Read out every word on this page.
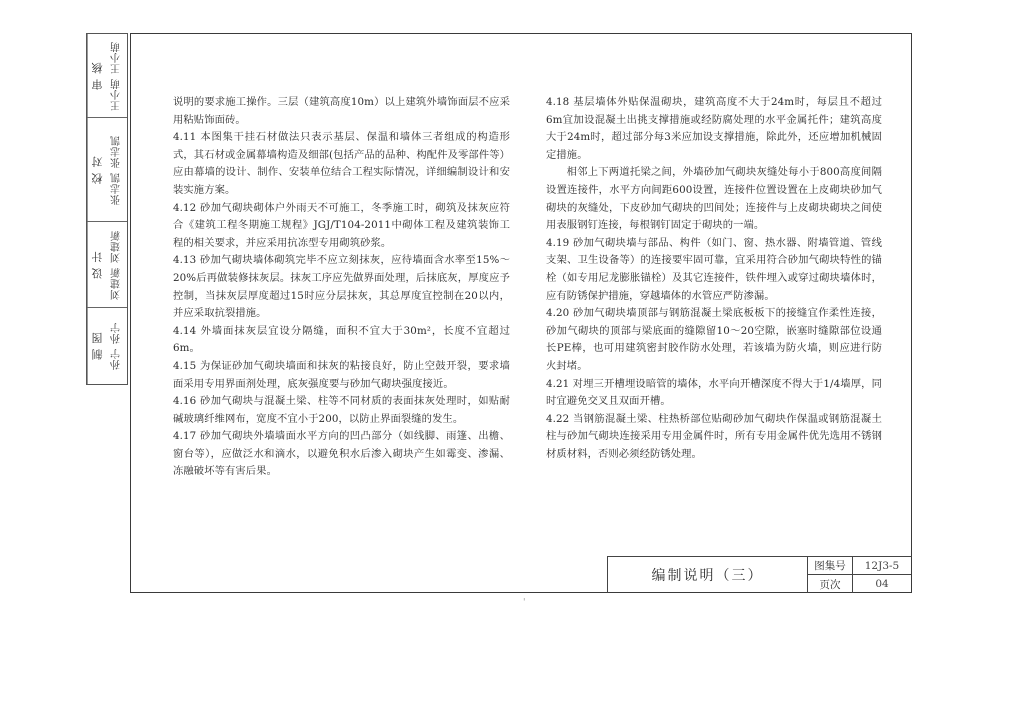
审 核 王小萌 王小萌
校 对 张志凯 张志凯
设 计 刘建新 刘建新
制 图 孙宁 孙宁

说明的要求施工操作。三层（建筑高度10m）以上建筑外墙饰面层不应采用粘贴饰面砖。

4.11 本图集干挂石材做法只表示基层、保温和墙体三者组成的构造形式，其石材或金属幕墙构造及细部(包括产品的品种、构配件及零部件等）应由幕墙的设计、制作、安装单位结合工程实际情况，详细编制设计和安装实施方案。

4.12 砂加气砌块砌体户外雨天不可施工，冬季施工时，砌筑及抹灰应符合《建筑工程冬期施工规程》JGJ/T104-2011中砌体工程及建筑装饰工程的相关要求，并应采用抗冻型专用砌筑砂浆。

4.13 砂加气砌块墙体砌筑完毕不应立刻抹灰，应待墙面含水率至15%～20%后再做装修抹灰层。抹灰工序应先做界面处理，后抹底灰，厚度应予控制，当抹灰层厚度超过15时应分层抹灰，其总厚度宜控制在20以内，并应采取抗裂措施。

4.14 外墙面抹灰层宜设分隔缝，面积不宜大于30m²，长度不宜超过6m。

4.15 为保证砂加气砌块墙面和抹灰的粘接良好，防止空鼓开裂，要求墙面采用专用界面剂处理，底灰强度要与砂加气砌块强度接近。

4.16 砂加气砌块与混凝土梁、柱等不同材质的表面抹灰处理时，如贴耐碱玻璃纤维网布，宽度不宜小于200，以防止界面裂缝的发生。

4.17 砂加气砌块外墙墙面水平方向的凹凸部分（如线脚、雨篷、出檐、窗台等），应做泛水和滴水，以避免积水后渗入砌块产生如霉变、渗漏、冻融破坏等有害后果。

4.18 基层墙体外贴保温砌块，建筑高度不大于24m时，每层且不超过6m宜加设混凝土出挑支撑措施或经防腐处理的水平金属托件；建筑高度大于24m时，超过部分每3米应加设支撑措施，除此外，还应增加机械固定措施。

相邻上下两道托梁之间，外墙砂加气砌块灰缝处每小于800高度间隔设置连接件，水平方向间距600设置，连接件位置设置在上皮砌块砂加气砌块的灰缝处，下皮砂加气砌块的凹间处；连接件与上皮砌块砌块之间使用表服钢钉连接，每根钢钉固定于砌块的一端。

4.19 砂加气砌块墙与部品、构件（如门、窗、热水器、附墙管道、管线支架、卫生设备等）的连接要牢固可靠，宜采用符合砂加气砌块特性的锚栓（如专用尼龙膨胀锚栓）及其它连接件，铁件埋入或穿过砌块墙体时，应有防锈保护措施，穿越墙体的水管应严防渗漏。

4.20 砂加气砌块墙顶部与钢筋混凝土梁底板板下的接缝宜作柔性连接，砂加气砌块的顶部与梁底面的缝隙留10～20空隙，嵌塞时缝隙部位设通长PE棒，也可用建筑密封胶作防水处理，若该墙为防火墙，则应进行防火封堵。

4.21 对埋三开槽埋设暗管的墙体，水平向开槽深度不得大于1/4墙厚，同时宜避免交叉且双面开槽。

4.22 当钢筋混凝土梁、柱热桥部位贴砌砂加气砌块作保温或钢筋混凝土柱与砂加气砌块连接采用专用金属件时，所有专用金属件优先选用不锈钢材质材料，否则必须经防锈处理。

编制说明（三）
图集号	12J3-5
页次	04
'
